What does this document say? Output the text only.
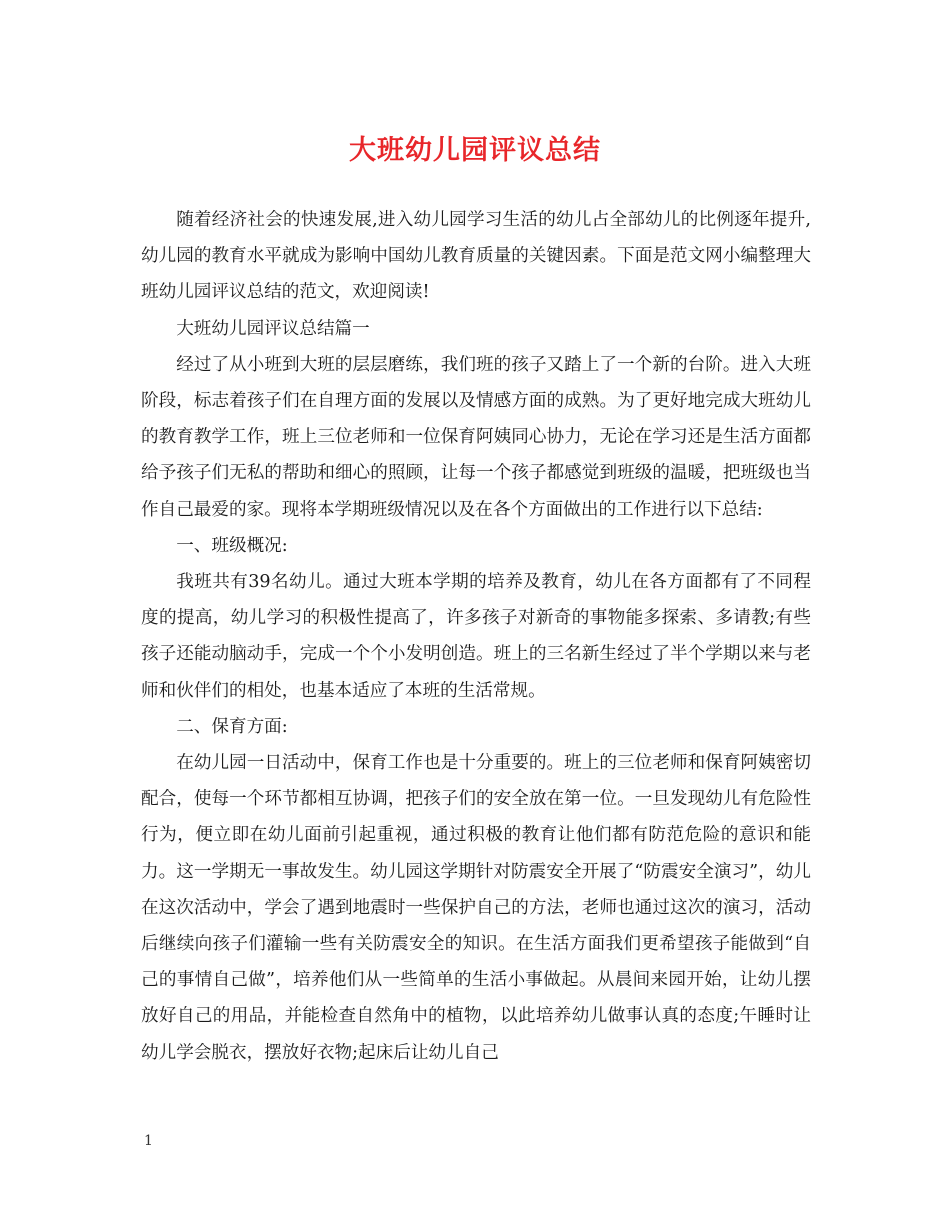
大班幼儿园评议总结

随着经济社会的快速发展,进入幼儿园学习生活的幼儿占全部幼儿的比例逐年提升,幼儿园的教育水平就成为影响中国幼儿教育质量的关键因素。下面是范文网小编整理大班幼儿园评议总结的范文，欢迎阅读!

大班幼儿园评议总结篇一

经过了从小班到大班的层层磨练，我们班的孩子又踏上了一个新的台阶。进入大班阶段，标志着孩子们在自理方面的发展以及情感方面的成熟。为了更好地完成大班幼儿的教育教学工作，班上三位老师和一位保育阿姨同心协力，无论在学习还是生活方面都给予孩子们无私的帮助和细心的照顾，让每一个孩子都感觉到班级的温暖，把班级也当作自己最爱的家。现将本学期班级情况以及在各个方面做出的工作进行以下总结:

一、班级概况:

我班共有39名幼儿。通过大班本学期的培养及教育，幼儿在各方面都有了不同程度的提高，幼儿学习的积极性提高了，许多孩子对新奇的事物能多探索、多请教;有些孩子还能动脑动手，完成一个个小发明创造。班上的三名新生经过了半个学期以来与老师和伙伴们的相处，也基本适应了本班的生活常规。

二、保育方面:

在幼儿园一日活动中，保育工作也是十分重要的。班上的三位老师和保育阿姨密切配合，使每一个环节都相互协调，把孩子们的安全放在第一位。一旦发现幼儿有危险性行为，便立即在幼儿面前引起重视，通过积极的教育让他们都有防范危险的意识和能力。这一学期无一事故发生。幼儿园这学期针对防震安全开展了“防震安全演习”，幼儿在这次活动中，学会了遇到地震时一些保护自己的方法，老师也通过这次的演习，活动后继续向孩子们灌输一些有关防震安全的知识。在生活方面我们更希望孩子能做到“自己的事情自己做”，培养他们从一些简单的生活小事做起。从晨间来园开始，让幼儿摆放好自己的用品，并能检查自然角中的植物，以此培养幼儿做事认真的态度;午睡时让幼儿学会脱衣，摆放好衣物;起床后让幼儿自己

1
